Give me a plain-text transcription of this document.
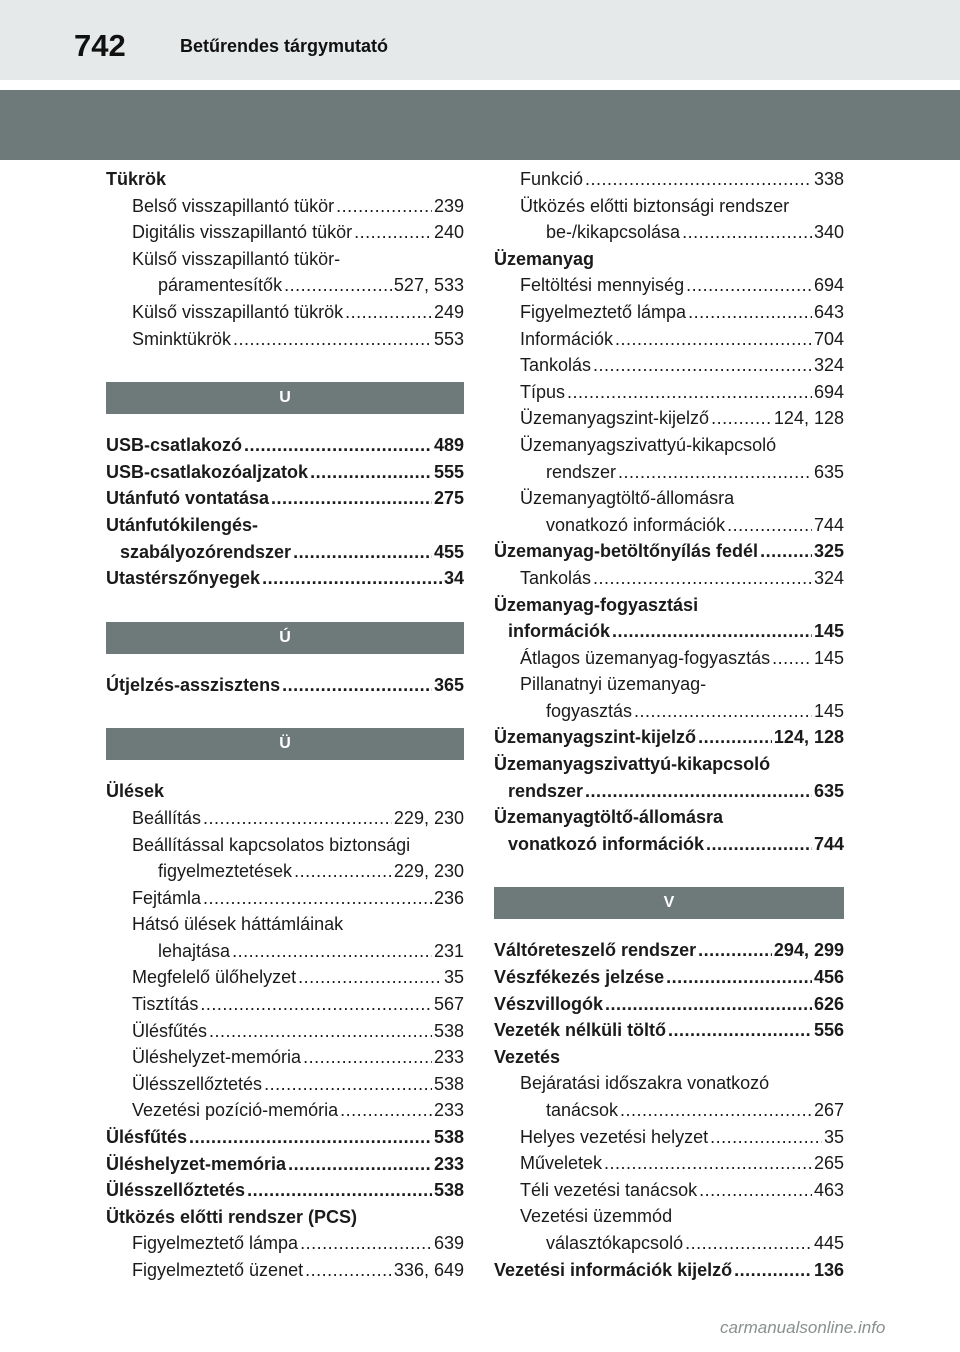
742	Betűrendes tárgymutató
Tükrök
Belső visszapillantó tükör .....	239
Digitális visszapillantó tükör .....	240
Külső visszapillantó tükör-
páramentesítők .....	527, 533
Külső visszapillantó tükrök .....	249
Sminktükrök .....	553
U
USB-csatlakozó .....	489
USB-csatlakozóaljzatok .....	555
Utánfutó vontatása .....	275
Utánfutókilengés-
szabályozórendszer .....	455
Utastérszőnyegek .....	34
Ú
Útjelzés-asszisztens .....	365
Ü
Ülések
Beállítás .....	229, 230
Beállítással kapcsolatos biztonsági
figyelmeztetések .....	229, 230
Fejtámla .....	236
Hátsó ülések háttámláinak
lehajtása .....	231
Megfelelő ülőhelyzet .....	35
Tisztítás .....	567
Ülésfűtés .....	538
Üléshelyzet-memória .....	233
Ülésszellőztetés .....	538
Vezetési pozíció-memória .....	233
Ülésfűtés .....	538
Üléshelyzet-memória .....	233
Ülésszellőztetés .....	538
Ütközés előtti rendszer (PCS)
Figyelmeztető lámpa .....	639
Figyelmeztető üzenet .....	336, 649
Funkció .....	338
Ütközés előtti biztonsági rendszer
be-/kikapcsolása .....	340
Üzemanyag
Feltöltési mennyiség .....	694
Figyelmeztető lámpa .....	643
Információk .....	704
Tankolás .....	324
Típus .....	694
Üzemanyagszint-kijelző .....	124, 128
Üzemanyagszivattyú-kikapcsoló
rendszer .....	635
Üzemanyagtöltő-állomásra
vonatkozó információk .....	744
Üzemanyag-betöltőnyílás fedél .....	325
Tankolás .....	324
Üzemanyag-fogyasztási
információk .....	145
Átlagos üzemanyag-fogyasztás ..... 145
Pillanatnyi üzemanyag-
fogyasztás .....	145
Üzemanyagszint-kijelző .....	124, 128
Üzemanyagszivattyú-kikapcsoló
rendszer .....	635
Üzemanyagtöltő-állomásra
vonatkozó információk .....	744
V
Váltóreteszelő rendszer .....	294, 299
Vészfékezés jelzése .....	456
Vészvillogók .....	626
Vezeték nélküli töltő .....	556
Vezetés
Bejáratási időszakra vonatkozó
tanácsok .....	267
Helyes vezetési helyzet .....	35
Műveletek .....	265
Téli vezetési tanácsok .....	463
Vezetési üzemmód
választókapcsoló .....	445
Vezetési információk kijelző .....	136
carmanualsonline.info
